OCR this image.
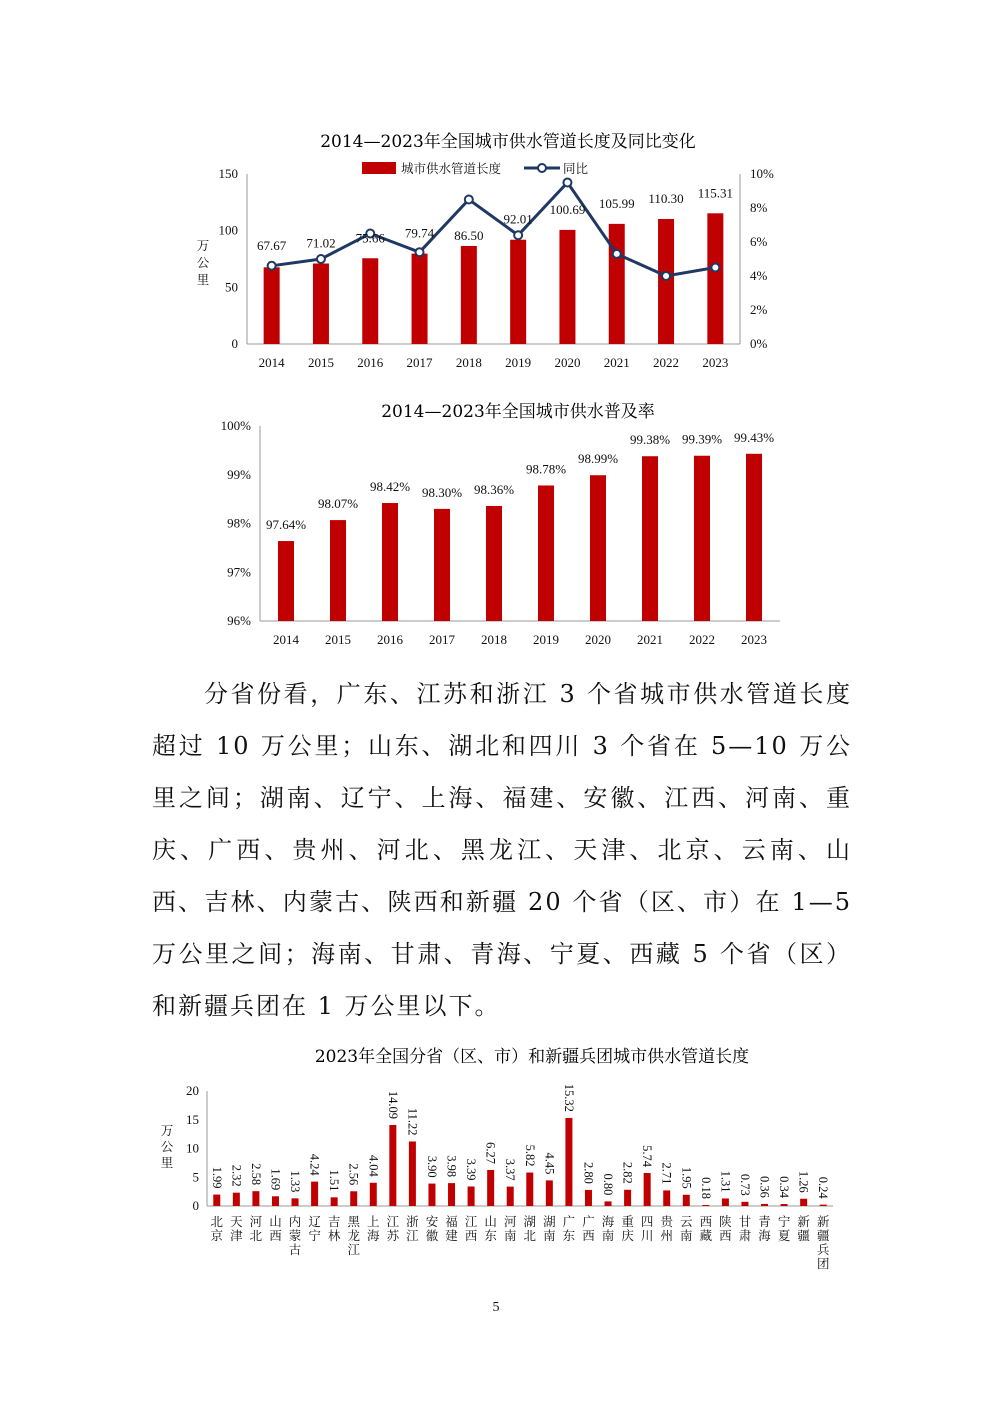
2014—2023年全国城市供水管道长度及同比变化
城市供水管道长度	同比
0
50
100
150
0%
2%
4%
6%
8%
10%
万
公
里
2014 2015 2016 2017 2018 2019 2020 2021 2022 2023
67.67 71.02 75.66 79.74 86.50
92.01
100.69 105.99 110.30 115.31
2014—2023年全国城市供水普及率
96%
97%
98%
99%
100%
2014 2015 2016 2017 2018 2019 2020 2021 2022 2023
97.64%
98.07%
98.42% 98.30% 98.36%
98.78%
98.99%
99.38% 99.39% 99.43%

分省份看，广东、江苏和浙江 3 个省城市供水管道长度超过 10 万公里；山东、湖北和四川 3 个省在 5—10 万公里之间；湖南、辽宁、上海、福建、安徽、江西、河南、重庆、广西、贵州、河北、黑龙江、天津、北京、云南、山西、吉林、内蒙古、陕西和新疆 20 个省（区、市）在 1—5 万公里之间；海南、甘肃、青海、宁夏、西藏 5 个省（区）和新疆兵团在 1 万公里以下。

2023年全国分省（区、市）和新疆兵团城市供水管道长度
0
5
10
15
20
万
公
里
1.99 2.32 2.58 1.69 1.33
4.24
1.51 2.56 4.04
14.09
11.22
3.90 3.98 3.39
6.27
3.37
5.82 4.45
15.32
2.80
0.80
2.82
5.74
2.71 1.95 0.18 1.31 0.73 0.36 0.34 1.26 0.24
北京
天津
河北
山西
内蒙古
辽宁
吉林
黑龙江
上海
江苏
浙江
安徽
福建
江西
山东
河南
湖北
湖南
广东
广西
海南
重庆
四川
贵州
云南
西藏
陕西
甘肃
青海
宁夏
新疆
新疆兵团
5
